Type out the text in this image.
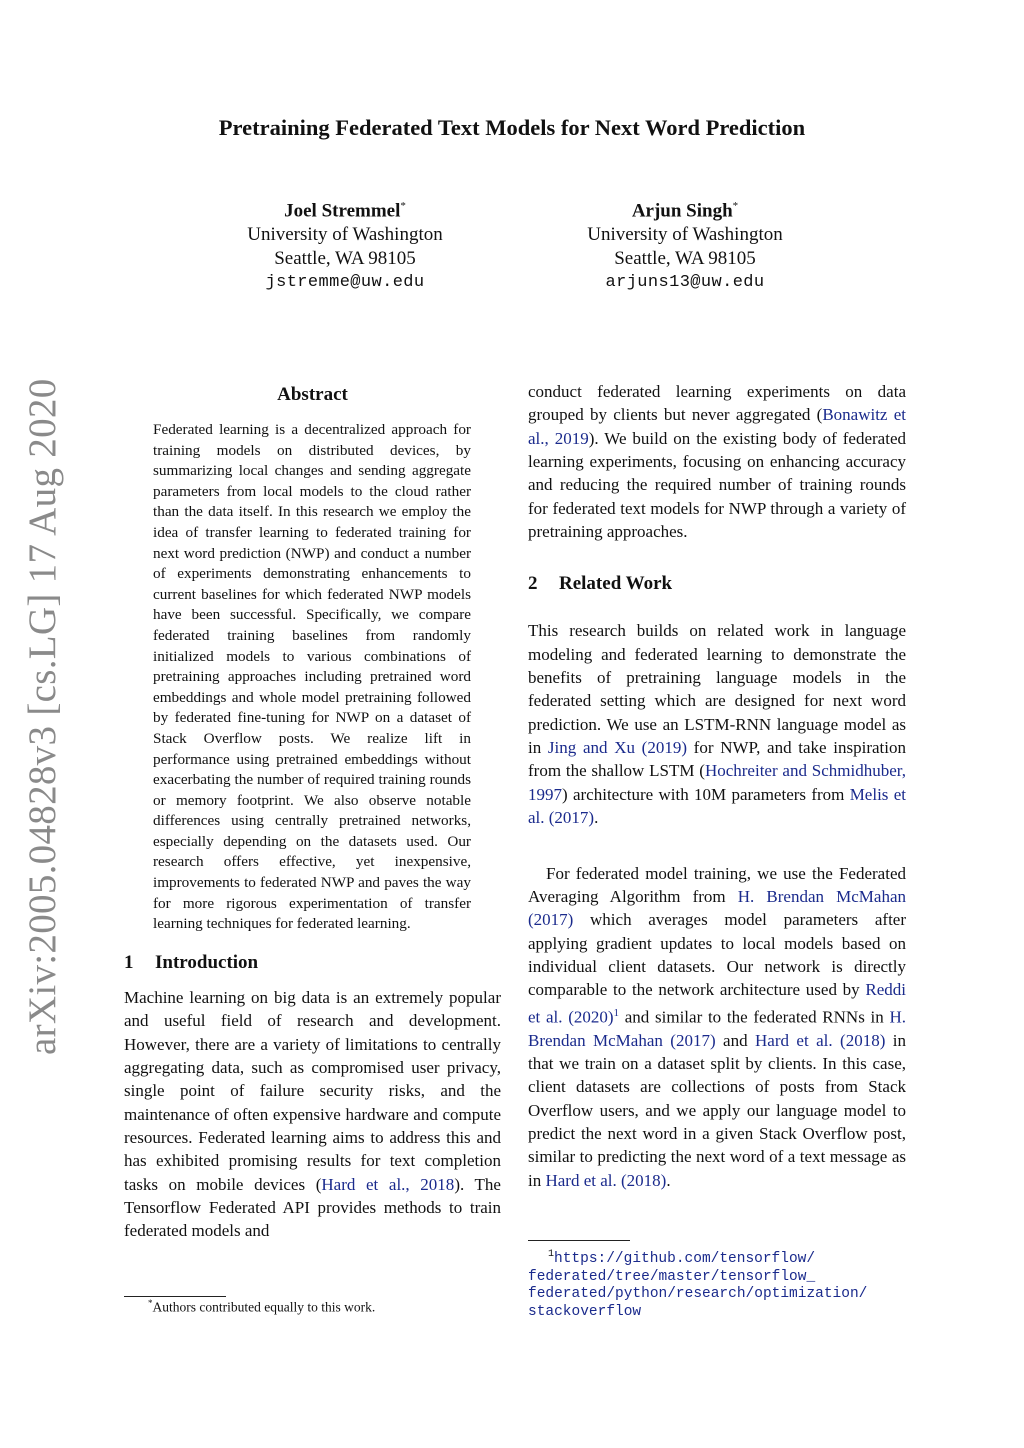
arXiv:2005.04828v3 [cs.LG] 17 Aug 2020
Pretraining Federated Text Models for Next Word Prediction
Joel Stremmel*
University of Washington
Seattle, WA 98105
jstremme@uw.edu
Arjun Singh*
University of Washington
Seattle, WA 98105
arjuns13@uw.edu
Abstract

Federated learning is a decentralized approach for training models on distributed devices, by summarizing local changes and sending aggregate parameters from local models to the cloud rather than the data itself. In this research we employ the idea of transfer learning to federated training for next word prediction (NWP) and conduct a number of experiments demonstrating enhancements to current baselines for which federated NWP models have been successful. Specifically, we compare federated training baselines from randomly initialized models to various combinations of pretraining approaches including pretrained word embeddings and whole model pretraining followed by federated fine-tuning for NWP on a dataset of Stack Overflow posts. We realize lift in performance using pretrained embeddings without exacerbating the number of required training rounds or memory footprint. We also observe notable differences using centrally pretrained networks, especially depending on the datasets used. Our research offers effective, yet inexpensive, improvements to federated NWP and paves the way for more rigorous experimentation of transfer learning techniques for federated learning.

1 Introduction

Machine learning on big data is an extremely popular and useful field of research and development. However, there are a variety of limitations to centrally aggregating data, such as compromised user privacy, single point of failure security risks, and the maintenance of often expensive hardware and compute resources. Federated learning aims to address this and has exhibited promising results for text completion tasks on mobile devices (Hard et al., 2018). The Tensorflow Federated API provides methods to train federated models and

*Authors contributed equally to this work.

conduct federated learning experiments on data grouped by clients but never aggregated (Bonawitz et al., 2019). We build on the existing body of federated learning experiments, focusing on enhancing accuracy and reducing the required number of training rounds for federated text models for NWP through a variety of pretraining approaches.

2 Related Work

This research builds on related work in language modeling and federated learning to demonstrate the benefits of pretraining language models in the federated setting which are designed for next word prediction. We use an LSTM-RNN language model as in Jing and Xu (2019) for NWP, and take inspiration from the shallow LSTM (Hochreiter and Schmidhuber, 1997) architecture with 10M parameters from Melis et al. (2017).

For federated model training, we use the Federated Averaging Algorithm from H. Brendan McMahan (2017) which averages model parameters after applying gradient updates to local models based on individual client datasets. Our network is directly comparable to the network architecture used by Reddi et al. $(2020)^1$ and similar to the federated RNNs in H. Brendan McMahan (2017) and Hard et al. (2018) in that we train on a dataset split by clients. In this case, client datasets are collections of posts from Stack Overflow users, and we apply our language model to predict the next word in a given Stack Overflow post, similar to predicting the next word of a text message as in Hard et al. (2018).

$^1$https://github.com/tensorflow/
federated/tree/master/tensorflow_
federated/python/research/optimization/
stackoverflow
